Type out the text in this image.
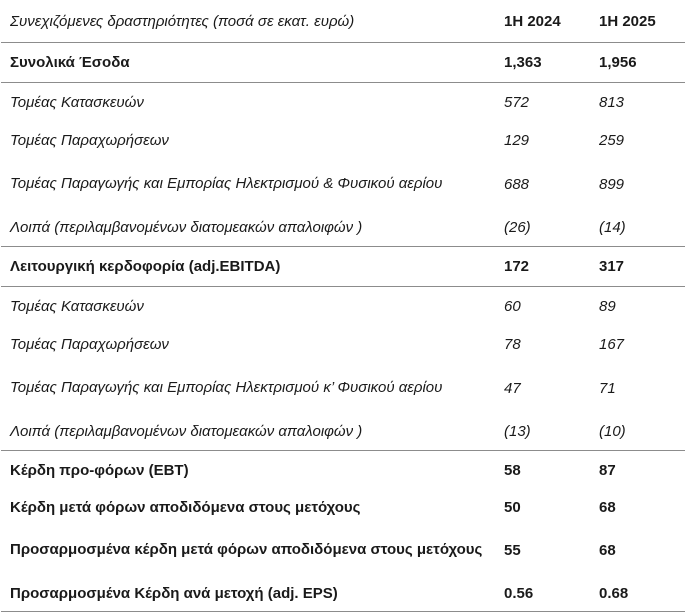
Συνεχιζόμενες δραστηριότητες (ποσά σε εκατ. ευρώ)	1H 2024	1H 2025
Συνολικά Έσοδα	1,363	1,956
Τομέας Κατασκευών	572	813
Τομέας Παραχωρήσεων	129	259

Τομέας Παραγωγής και Εμπορίας Ηλεκτρισμού & Φυσικού αερίου	688	899
Λοιπά (περιλαμβανομένων διατομεακών απαλοιφών )	(26)	(14)
Λειτουργική κερδοφορία (adj.EBITDA)	172	317
Τομέας Κατασκευών	60	89
Τομέας Παραχωρήσεων	78	167

Τομέας Παραγωγής και Εμπορίας Ηλεκτρισμού κ’ Φυσικού αερίου	47	71
Λοιπά (περιλαμβανομένων διατομεακών απαλοιφών )	(13)	(10)
Κέρδη προ-φόρων (EBT)	58	87
Κέρδη μετά φόρων αποδιδόμενα στους μετόχους	50	68

Προσαρμοσμένα κέρδη μετά φόρων αποδιδόμενα στους μετόχους	55	68
Προσαρμοσμένα Κέρδη ανά μετοχή (adj. EPS)	0.56	0.68
